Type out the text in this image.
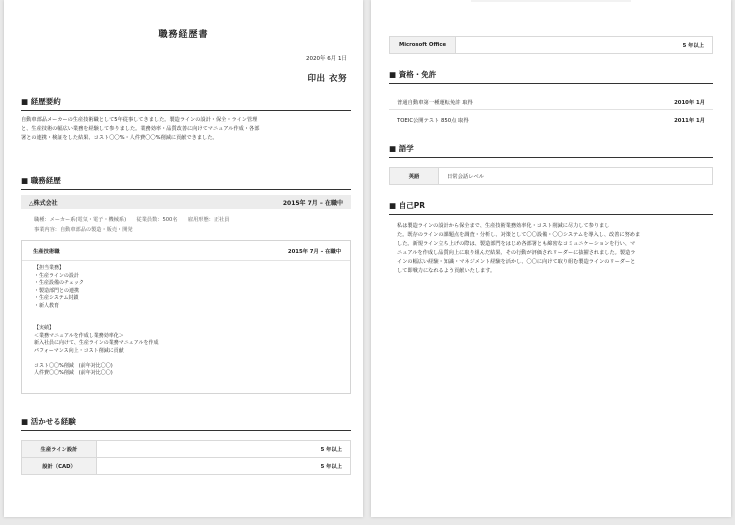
職務経歴書
2020年 6月 1日
印出 衣努
■ 経歴要約
自動車部品メーカーの生産技術職として5年従事してきました。製造ラインの設計・保全・ライン管理
と、生産技術の幅広い業務を経験して参りました。業務効率・品質改善に向けてマニュアル作成・各部
署との連携・検証をした結果、コスト〇〇%・人件費〇〇%削減に貢献できました。
■ 職務経歴
△株式会社	2015年 7月 – 在職中
職種：メーカー系(電気・電子・機械系)　　従業員数：500名　　雇用形態：正社員
事業内容：自動車部品の製造・販売・開発
生産技術職	2015年 7月 – 在職中
【担当業務】
・生産ラインの設計
・生産設備のチェック
・製造部門との連携
・生産システム封鎖
・新人教育
【実績】
＜業務マニュアルを作成し業務効率化＞
新入社員に向けて、生産ラインの業務マニュアルを作成
パフォーマンス向上・コスト削減に貢献
コスト〇〇%削減　(前年対比〇〇)
人件費〇〇%削減　(前年対比〇〇)
■ 活かせる経験
生産ライン設計	5 年以上
設計（CAD）	5 年以上
Microsoft Office	5 年以上
■ 資格・免許
普通自動車第一種運転免許 取得	2010年 1月
TOEIC公開テスト 850点 取得	2011年 1月
■ 語学
英語	日常会話レベル
■ 自己PR
私は製造ラインの設計から保全まで、生産技術業務効率化・コスト削減に尽力して参りまし
た。既存のラインの課題点を調査・分析し、対策として〇〇設備・〇〇システムを導入し、改善に努めま
した。新規ライン立ち上げの際は、製造部門をはじめ各部署とも綿密なコミュニケーションを行い、マ
ニュアルを作成し品質向上に取り組んだ結果、その行動が評価されリーダーに抜擢されました。製造ラ
インの幅広い経験・知識・マネジメント経験を活かし、〇〇に向けて取り組む製造ラインのリーダーと
して即戦力になれるよう貢献いたします。
